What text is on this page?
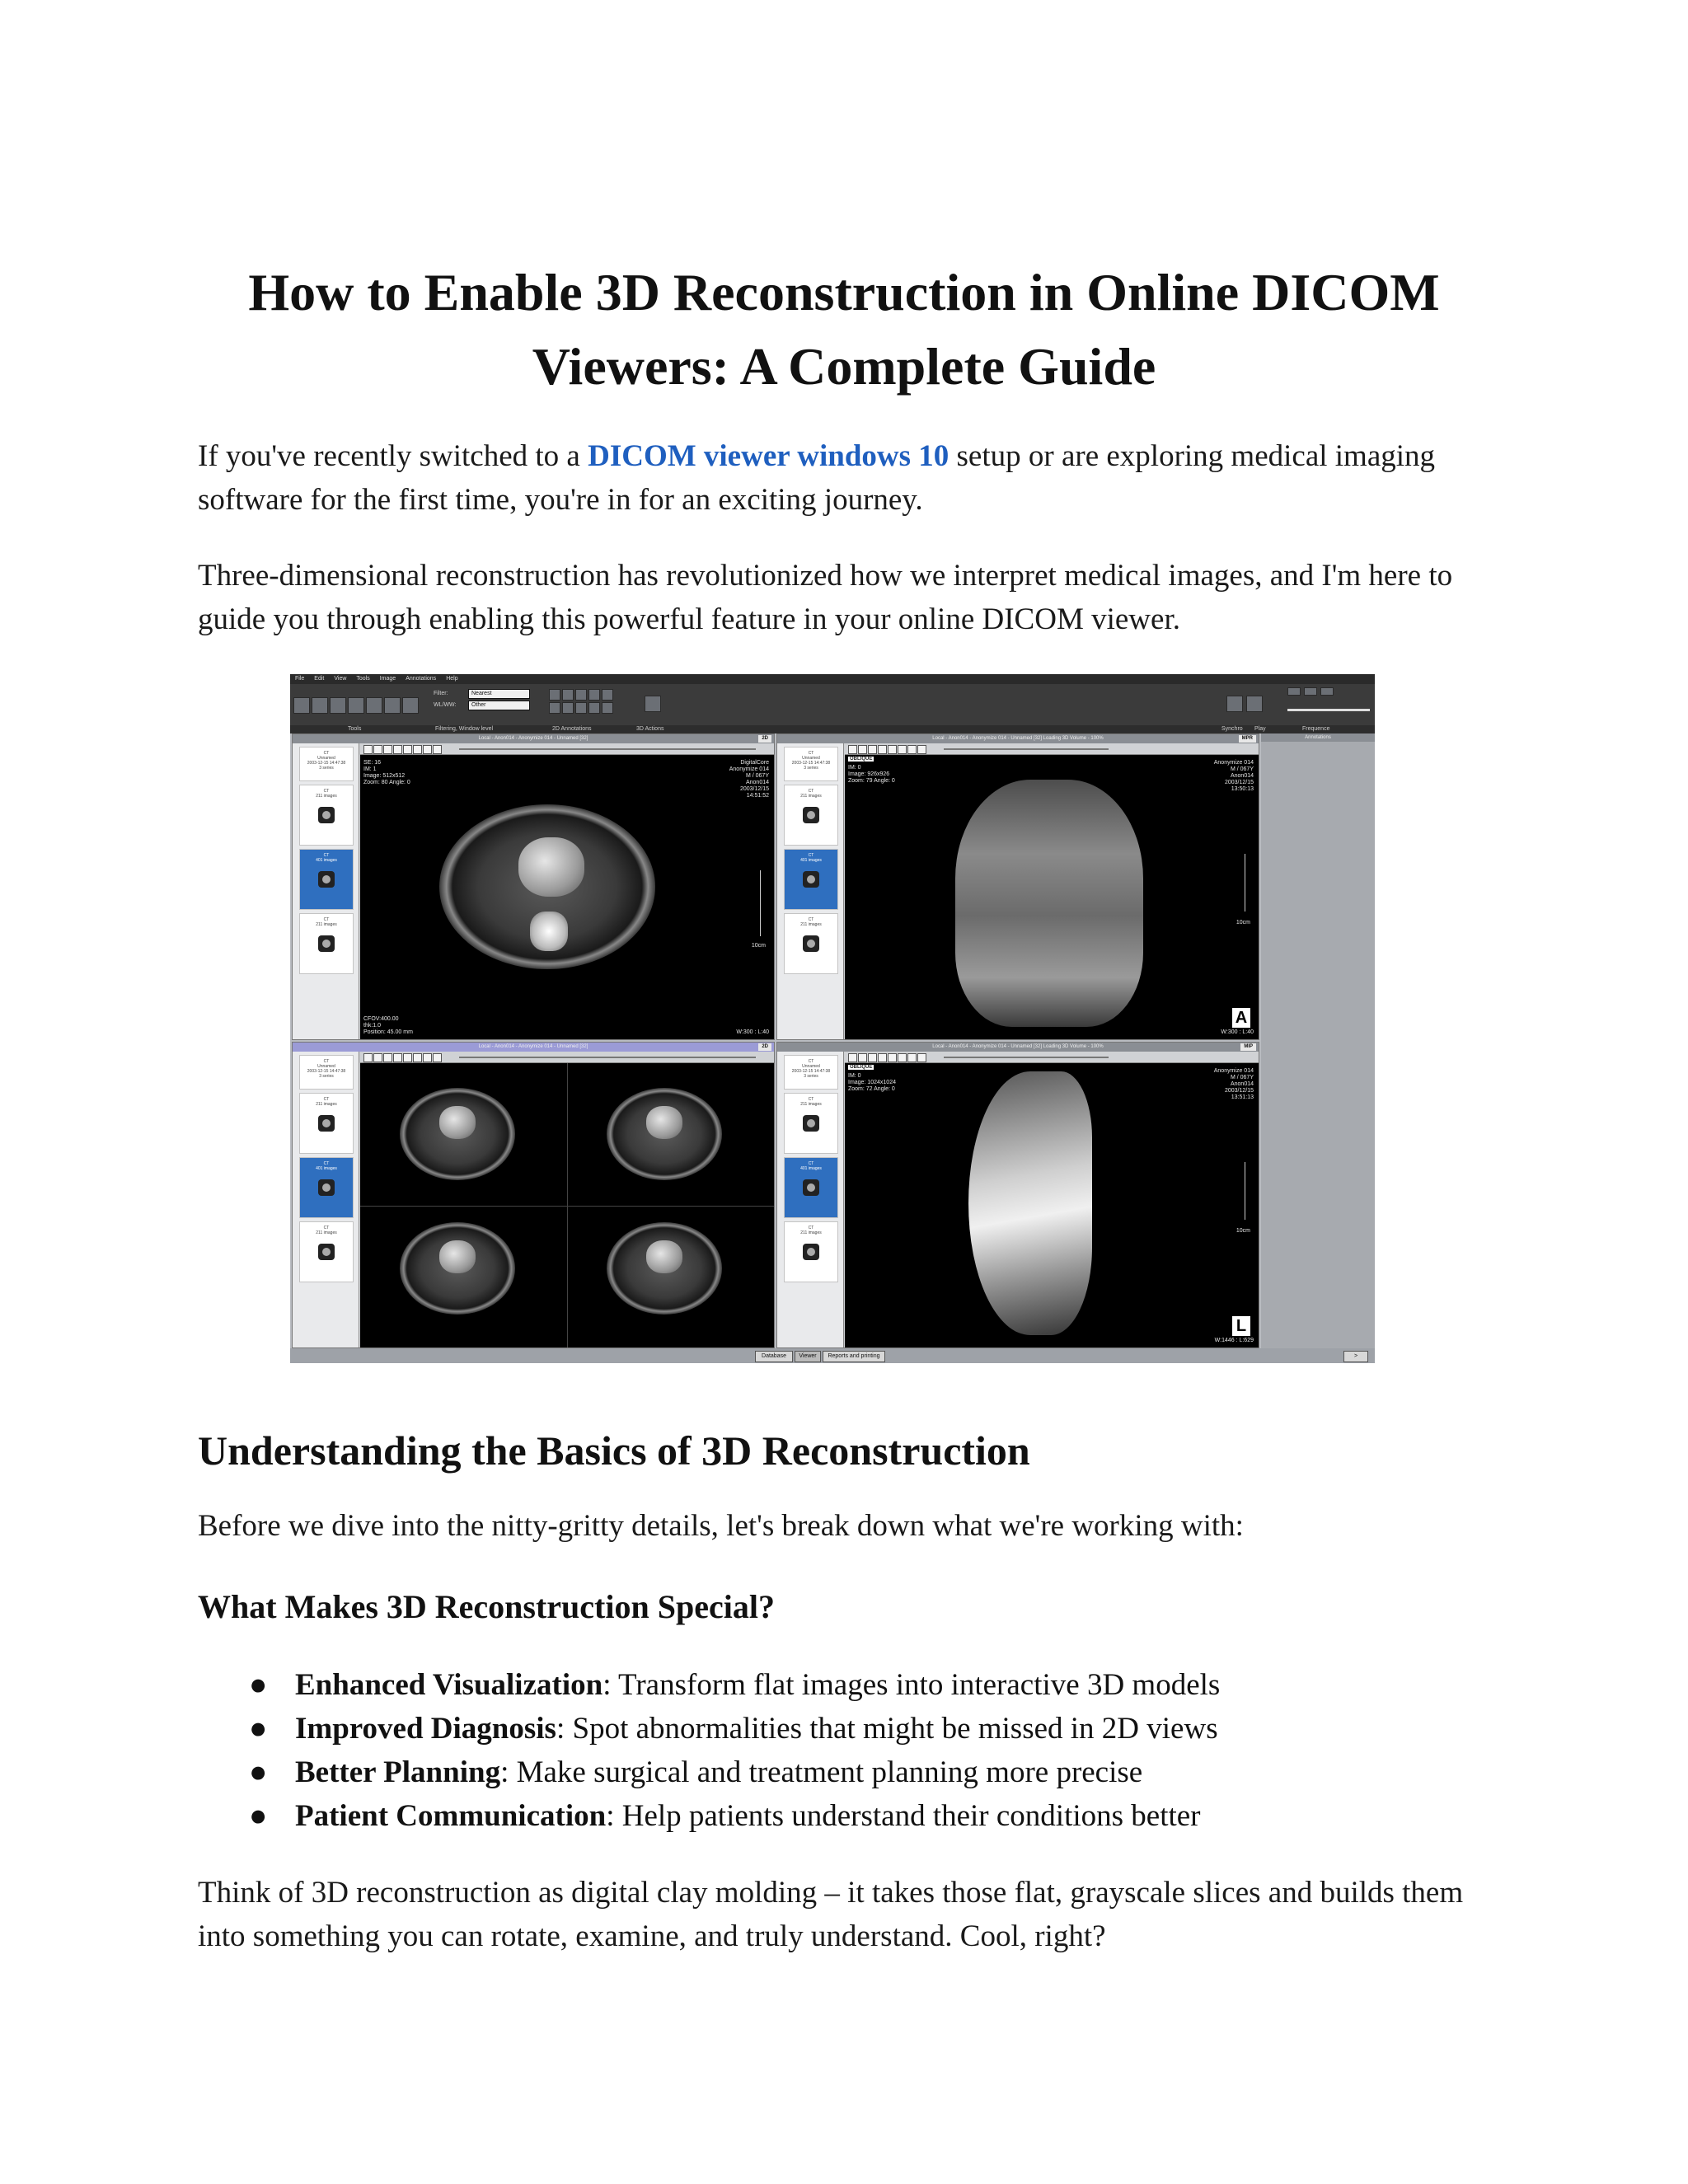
How to Enable 3D Reconstruction in Online DICOM Viewers: A Complete Guide

If you've recently switched to a DICOM viewer windows 10 setup or are exploring medical imaging software for the first time, you're in for an exciting journey.

Three-dimensional reconstruction has revolutionized how we interpret medical images, and I'm here to guide you through enabling this powerful feature in your online DICOM viewer.

File Edit View Tools Image Annotations Help
Filter:	Nearest
WL/WW:	Other
Tools	Filtering, Window level	2D Annotations	3D Actions	Synchro Play	Frequence
Annotations
Local - Anon014 - Anonymize 014 - Unnamed [32]	2D
CT
Unnamed
2003-12-15 14:47:38
3 series
CT
211 images
CT
401 images
CT
211 images
SE: 16
IM: 1
Image: 512x512
Zoom: 80 Angle: 0
DigitalCore
Anonymize 014
M / 067Y
Anon014
2003/12/15
14:51:52
CFOV:400.00
thk:1.0
Position: 45.00 mm	W:300 : L:40
10cm
Local - Anon014 - Anonymize 014 - Unnamed [32] Loading 3D Volume - 100%	MPR
CT
Unnamed
2003-12-15 14:47:38
3 series
CT
211 images
CT
401 images
CT
211 images
OBLIQUE
IM: 0
Image: 926x926
Zoom: 79 Angle: 0
Anonymize 014
M / 067Y
Anon014
2003/12/15
13:50:13
W:300 : L:40
10cm
A
Local - Anon014 - Anonymize 014 - Unnamed [32]	2D
CT
Unnamed
2003-12-15 14:47:38
3 series
CT
211 images
CT
401 images
CT
211 images
Local - Anon014 - Anonymize 014 - Unnamed [32] Loading 3D Volume - 100%	MIP
CT
Unnamed
2003-12-15 14:47:38
3 series
CT
211 images
CT
401 images
CT
211 images
OBLIQUE
IM: 0
Image: 1024x1024
Zoom: 72 Angle: 0
Anonymize 014
M / 067Y
Anon014
2003/12/15
13:51:13
W:1446 : L:629
10cm
L
Database	Viewer	Reports and printing	>
Understanding the Basics of 3D Reconstruction

Before we dive into the nitty-gritty details, let's break down what we're working with:

What Makes 3D Reconstruction Special?
● Enhanced Visualization: Transform flat images into interactive 3D models
● Improved Diagnosis: Spot abnormalities that might be missed in 2D views
● Better Planning: Make surgical and treatment planning more precise
● Patient Communication: Help patients understand their conditions better

Think of 3D reconstruction as digital clay molding – it takes those flat, grayscale slices and builds them into something you can rotate, examine, and truly understand. Cool, right?
